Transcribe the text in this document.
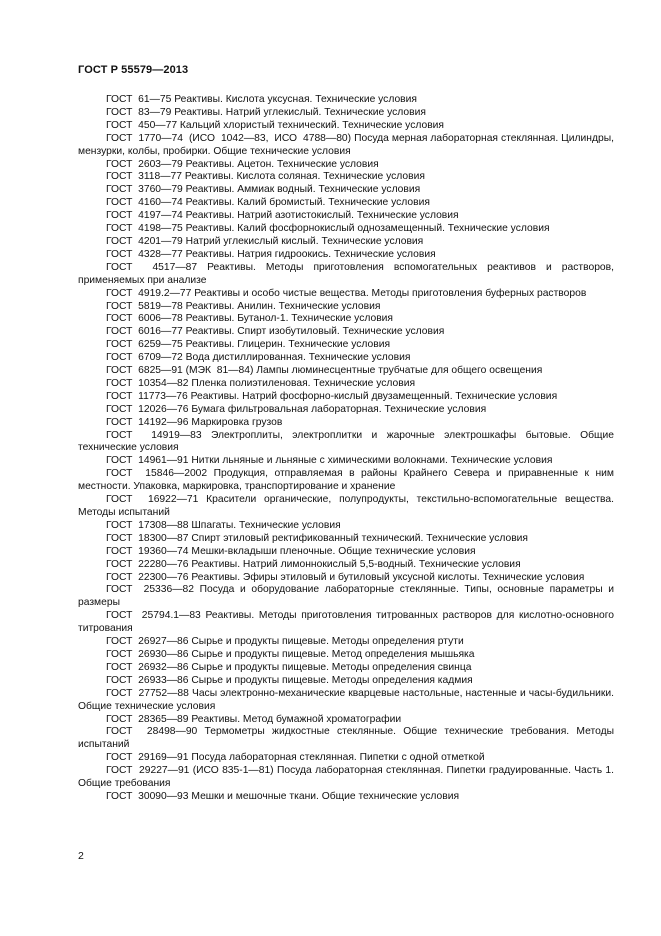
ГОСТ Р 55579—2013

ГОСТ  61—75 Реактивы. Кислота уксусная. Технические условия

ГОСТ  83—79 Реактивы. Натрий углекислый. Технические условия

ГОСТ  450—77 Кальций хлористый технический. Технические условия

ГОСТ  1770—74  (ИСО  1042—83,  ИСО  4788—80) Посуда мерная лабораторная стеклянная. Цилиндры, мензурки, колбы, пробирки. Общие технические условия

ГОСТ  2603—79 Реактивы. Ацетон. Технические условия

ГОСТ  3118—77 Реактивы. Кислота соляная. Технические условия

ГОСТ  3760—79 Реактивы. Аммиак водный. Технические условия

ГОСТ  4160—74 Реактивы. Калий бромистый. Технические условия

ГОСТ  4197—74 Реактивы. Натрий азотистокислый. Технические условия

ГОСТ  4198—75 Реактивы. Калий фосфорнокислый однозамещенный. Технические условия

ГОСТ  4201—79 Натрий углекислый кислый. Технические условия

ГОСТ  4328—77 Реактивы. Натрия гидроокись. Технические условия

ГОСТ  4517—87 Реактивы. Методы приготовления вспомогательных реактивов и растворов, применяемых при анализе

ГОСТ  4919.2—77 Реактивы и особо чистые вещества. Методы приготовления буферных растворов

ГОСТ  5819—78 Реактивы. Анилин. Технические условия

ГОСТ  6006—78 Реактивы. Бутанол-1. Технические условия

ГОСТ  6016—77 Реактивы. Спирт изобутиловый. Технические условия

ГОСТ  6259—75 Реактивы. Глицерин. Технические условия

ГОСТ  6709—72 Вода дистиллированная. Технические условия

ГОСТ  6825—91 (МЭК  81—84) Лампы люминесцентные трубчатые для общего освещения

ГОСТ  10354—82 Пленка полиэтиленовая. Технические условия

ГОСТ  11773—76 Реактивы. Натрий фосфорно-кислый двузамещенный. Технические условия

ГОСТ  12026—76 Бумага фильтровальная лабораторная. Технические условия

ГОСТ  14192—96 Маркировка грузов

ГОСТ  14919—83 Электроплиты, электроплитки и жарочные электрошкафы бытовые. Общие технические условия

ГОСТ  14961—91 Нитки льняные и льняные с химическими волокнами. Технические условия

ГОСТ  15846—2002 Продукция, отправляемая в районы Крайнего Севера и приравненные к ним местности. Упаковка, маркировка, транспортирование и хранение

ГОСТ  16922—71 Красители органические, полупродукты, текстильно-вспомогательные вещества. Методы испытаний

ГОСТ  17308—88 Шпагаты. Технические условия

ГОСТ  18300—87 Спирт этиловый ректификованный технический. Технические условия

ГОСТ  19360—74 Мешки-вкладыши пленочные. Общие технические условия

ГОСТ  22280—76 Реактивы. Натрий лимоннокислый 5,5-водный. Технические условия

ГОСТ  22300—76 Реактивы. Эфиры этиловый и бутиловый уксусной кислоты. Технические условия

ГОСТ  25336—82 Посуда и оборудование лабораторные стеклянные. Типы, основные параметры и размеры

ГОСТ  25794.1—83 Реактивы. Методы приготовления титрованных растворов для кислотно-основного титрования

ГОСТ  26927—86 Сырье и продукты пищевые. Методы определения ртути

ГОСТ  26930—86 Сырье и продукты пищевые. Метод определения мышьяка

ГОСТ  26932—86 Сырье и продукты пищевые. Методы определения свинца

ГОСТ  26933—86 Сырье и продукты пищевые. Методы определения кадмия

ГОСТ  27752—88 Часы электронно-механические кварцевые настольные, настенные и часы-будильники. Общие технические условия

ГОСТ  28365—89 Реактивы. Метод бумажной хроматографии

ГОСТ  28498—90 Термометры жидкостные стеклянные. Общие технические требования. Методы испытаний

ГОСТ  29169—91 Посуда лабораторная стеклянная. Пипетки с одной отметкой

ГОСТ  29227—91 (ИСО 835-1—81) Посуда лабораторная стеклянная. Пипетки градуированные. Часть 1. Общие требования

ГОСТ  30090—93 Мешки и мешочные ткани. Общие технические условия

2
